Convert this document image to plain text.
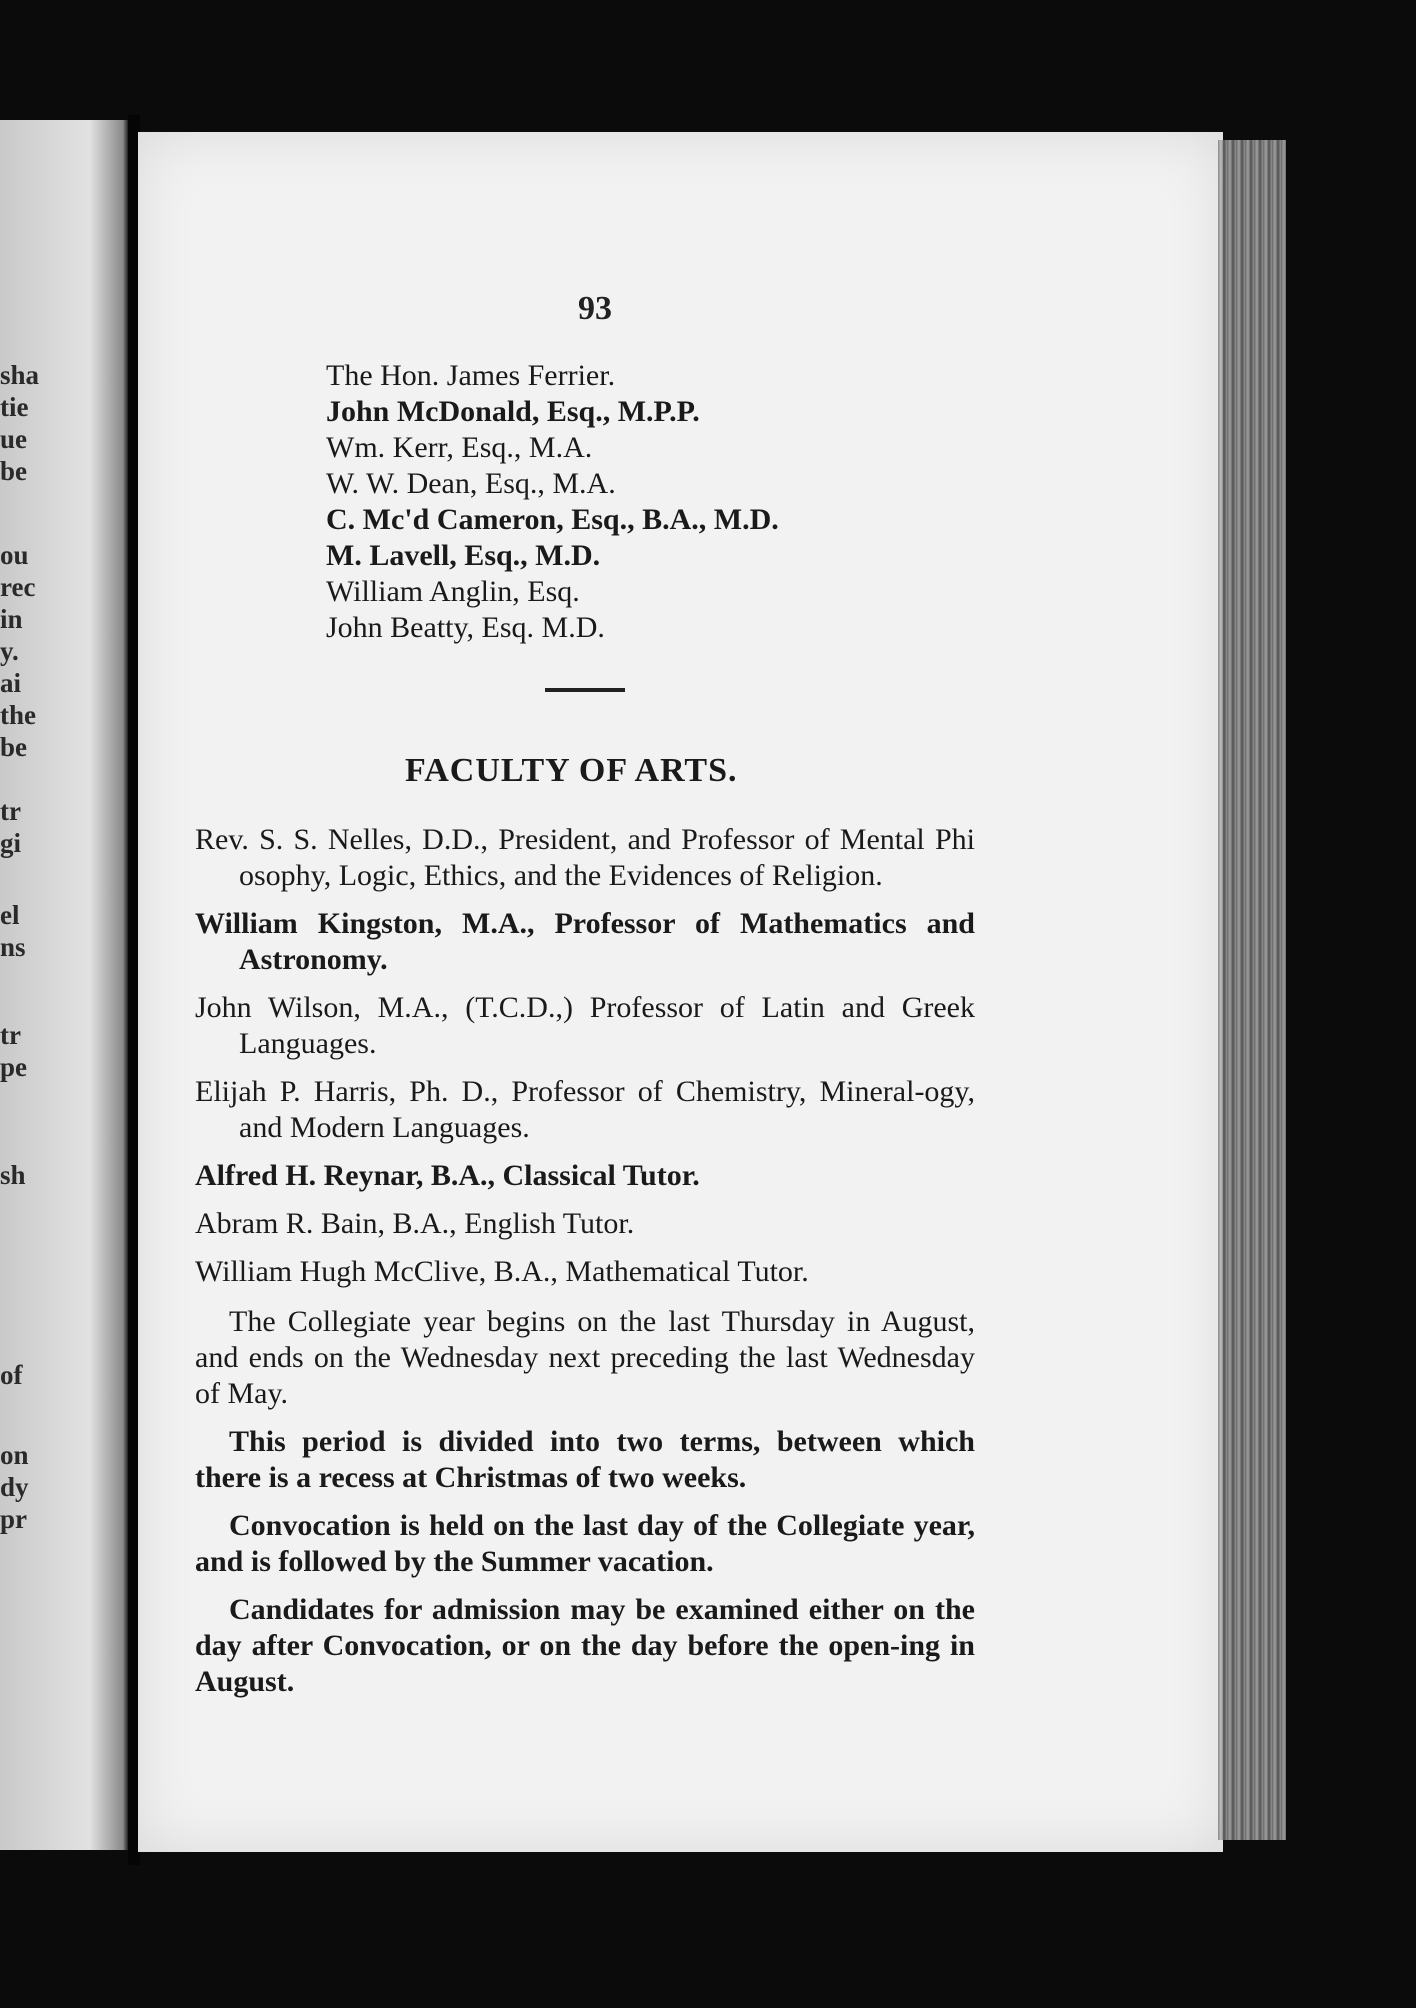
sha
tie
ue
be
ou
rec
in
y.
ai
the
be
tr
gi
el
ns
tr
pe
sh
of
on
dy
pr
93
The Hon. James Ferrier.
John McDonald, Esq., M.P.P.
Wm. Kerr, Esq., M.A.
W. W. Dean, Esq., M.A.
C. Mc'd Cameron, Esq., B.A., M.D.
M. Lavell, Esq., M.D.
William Anglin, Esq.
John Beatty, Esq. M.D.
FACULTY OF ARTS.
Rev. S. S. Nelles, D.D., President, and Professor of Mental Phi osophy, Logic, Ethics, and the Evidences of Religion.
William Kingston, M.A., Professor of Mathematics and Astronomy.
John Wilson, M.A., (T.C.D.,) Professor of Latin and Greek Languages.
Elijah P. Harris, Ph. D., Professor of Chemistry, Mineral-ogy, and Modern Languages.
Alfred H. Reynar, B.A., Classical Tutor.
Abram R. Bain, B.A., English Tutor.
William Hugh McClive, B.A., Mathematical Tutor.

The Collegiate year begins on the last Thursday in August, and ends on the Wednesday next preceding the last Wednesday of May.

This period is divided into two terms, between which there is a recess at Christmas of two weeks.

Convocation is held on the last day of the Collegiate year, and is followed by the Summer vacation.

Candidates for admission may be examined either on the day after Convocation, or on the day before the open-ing in August.
